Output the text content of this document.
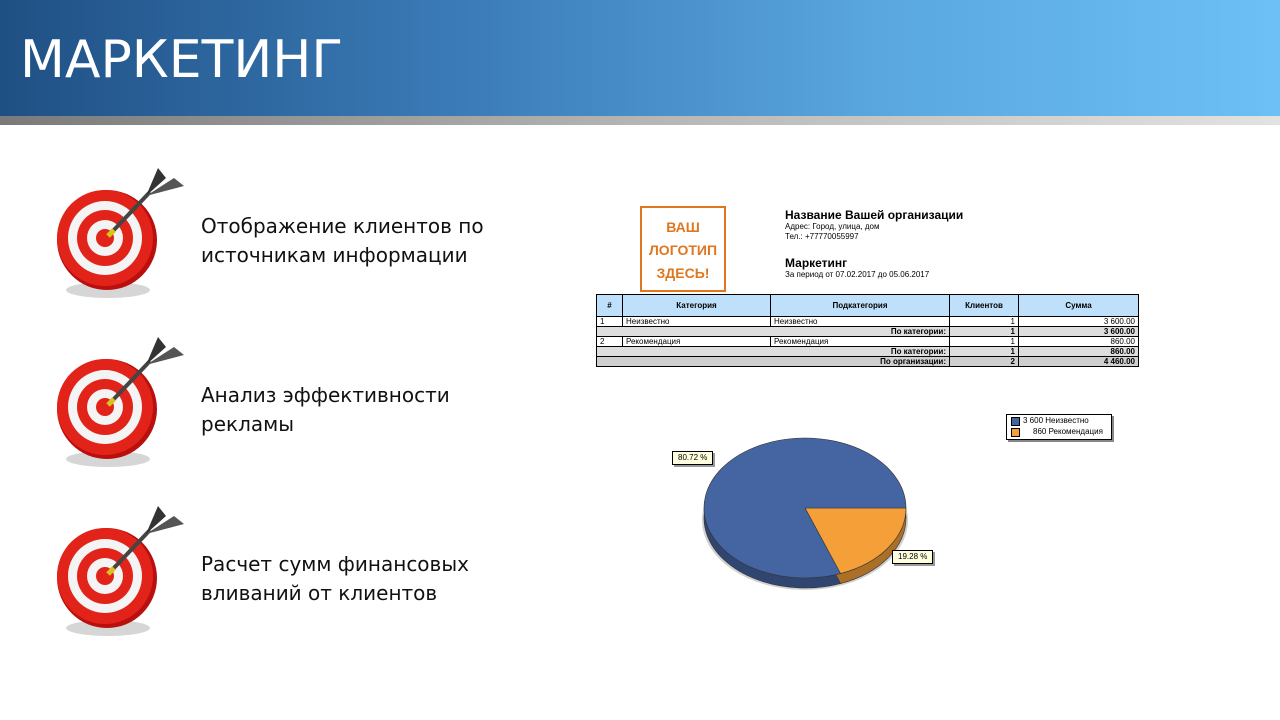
МАРКЕТИНГ
Отображение клиентов по источникам информации
Анализ эффективности рекламы
Расчет сумм финансовых вливаний от клиентов
ВАШ
ЛОГОТИП
ЗДЕСЬ!
Название Вашей организации
Адрес: Город, улица, дом
Тел.: +77770055997
Маркетинг
За период от 07.02.2017 до 05.06.2017
#	Категория	Подкатегория	Клиентов	Сумма
1	Неизвестно	Неизвестно	1	3 600.00
По категории:			1	3 600.00
2	Рекомендация	Рекомендация	1	860.00
По категории:			1	860.00
По организации:			2	4 460.00
80.72 %
19.28 %
3 600 Неизвестно
860 Рекомендация
